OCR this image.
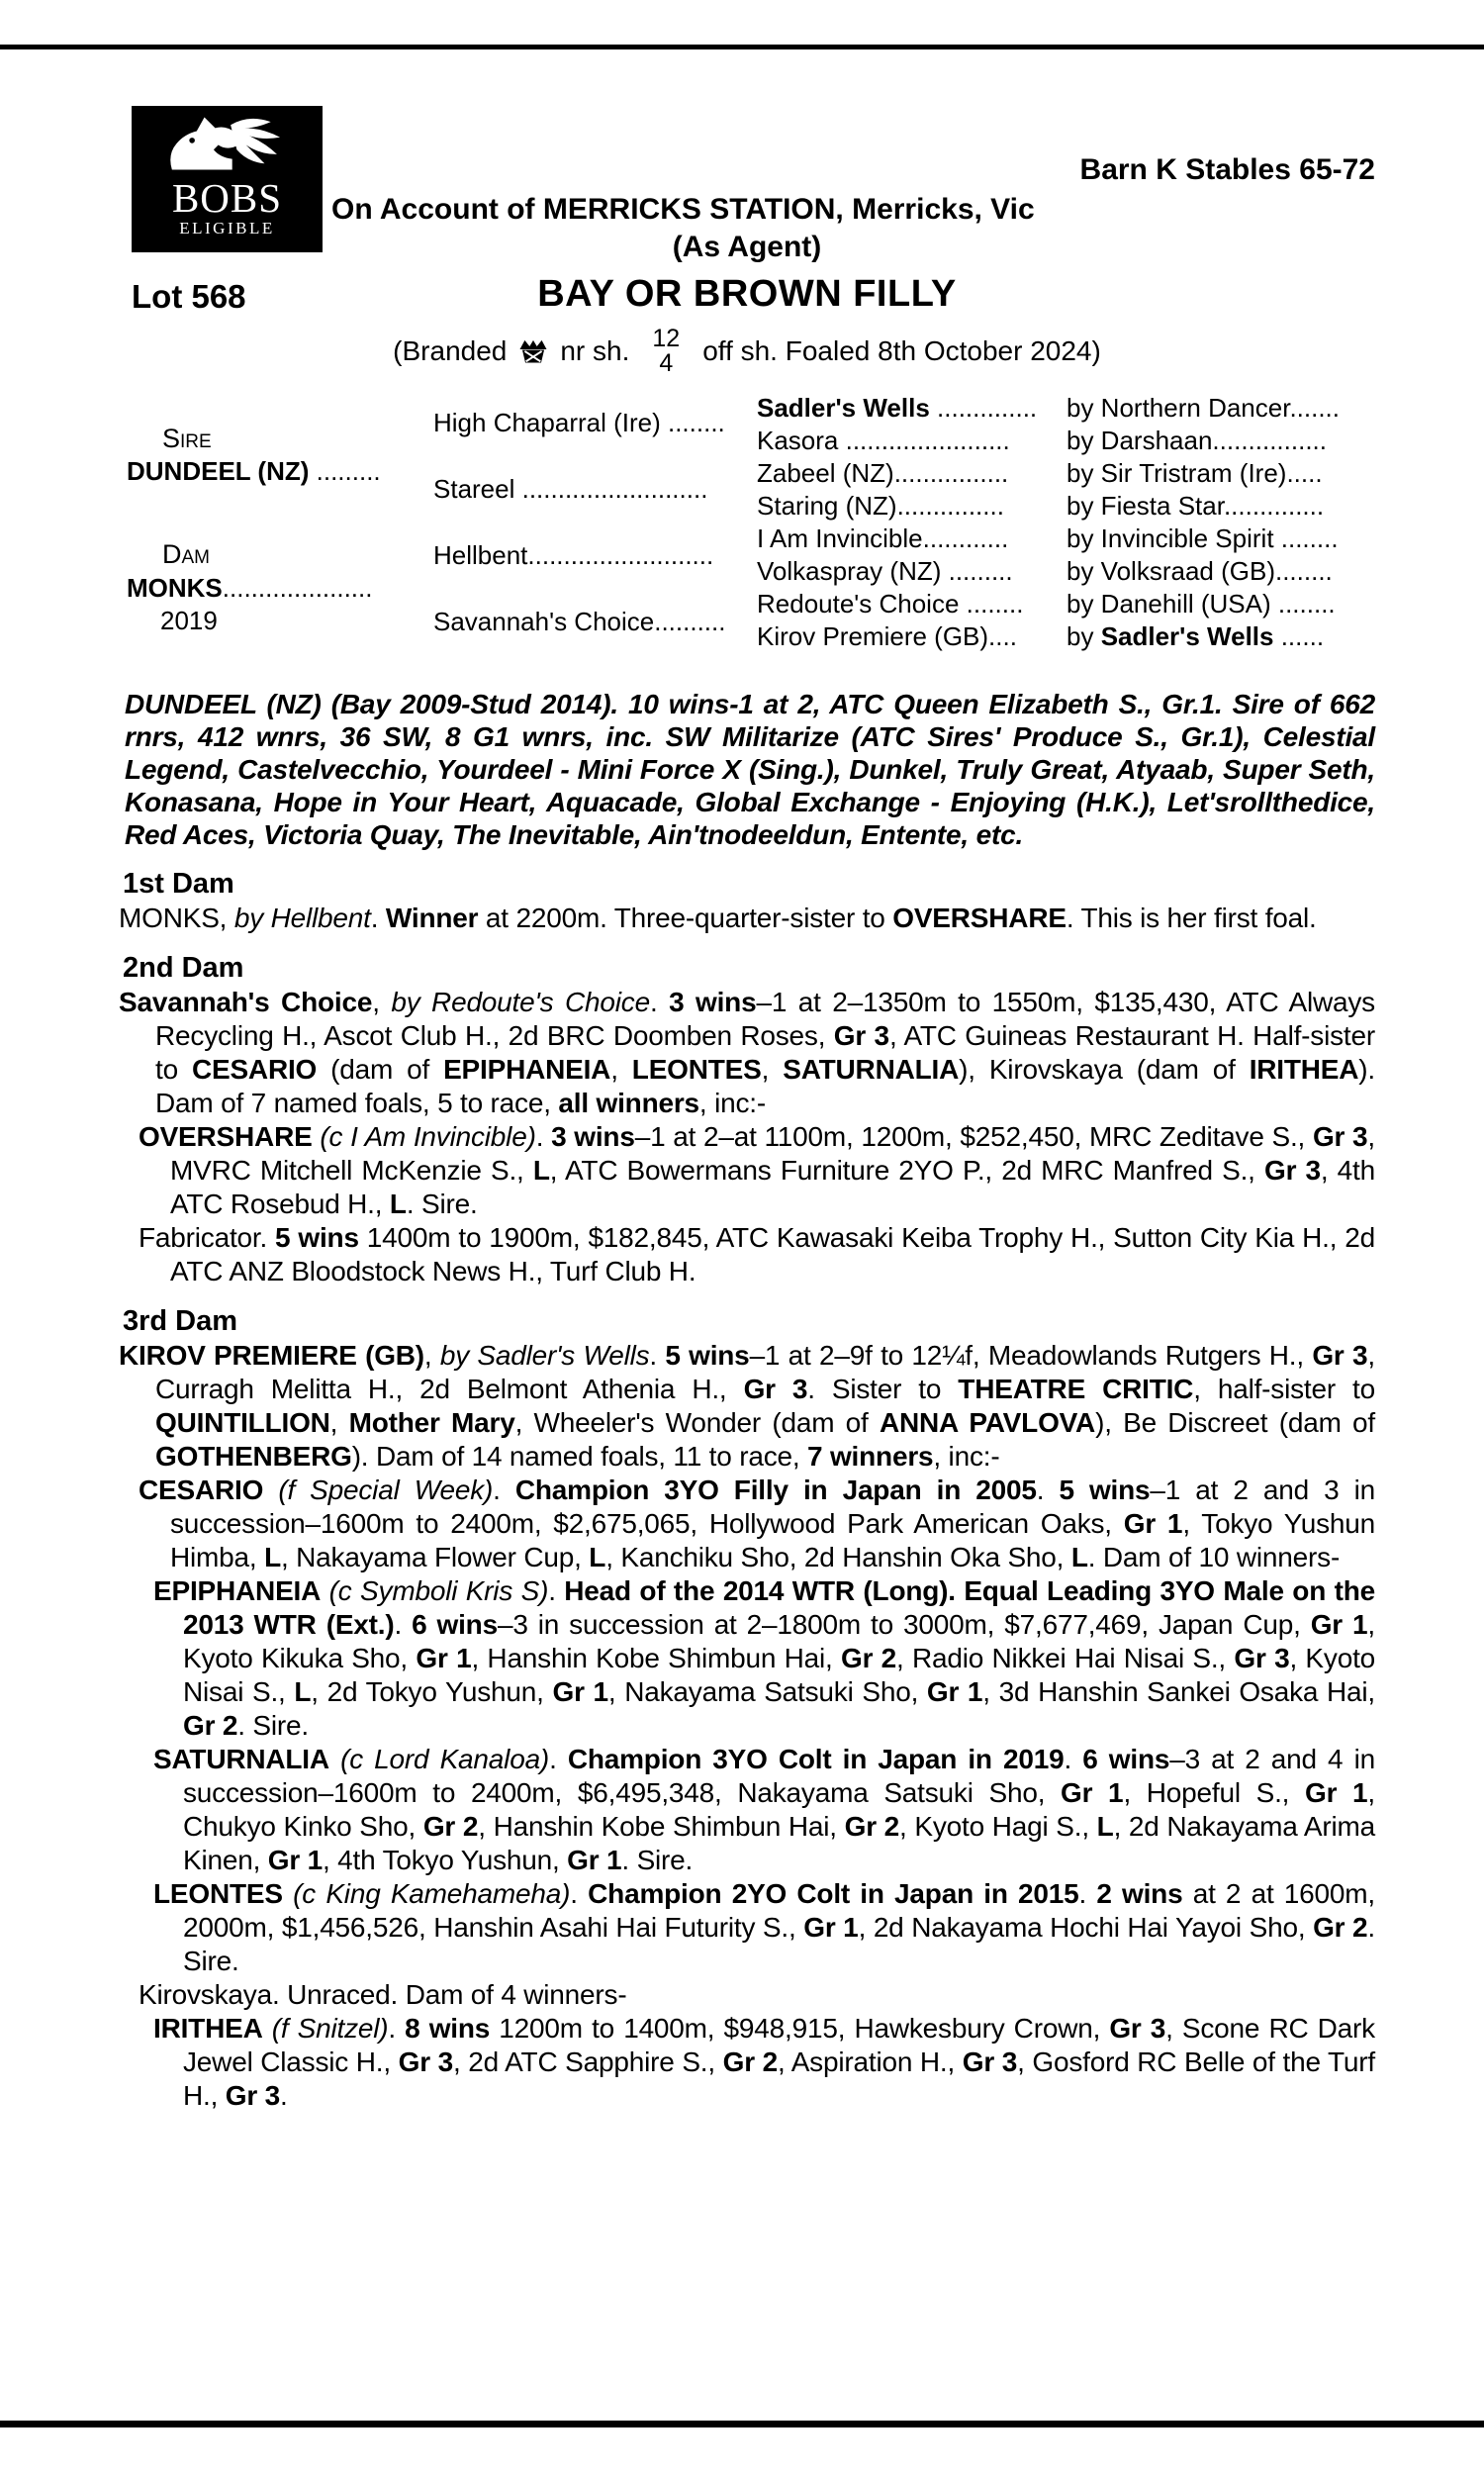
BOBS
ELIGIBLE
Barn K Stables 65-72
On Account of MERRICKS STATION, Merricks, Vic
(As Agent)
Lot 568	BAY OR BROWN FILLY
(Branded nr sh. 12
4 off sh. Foaled 8th October 2024)
Sire
DUNDEEL (NZ) .........
Dam
MONKS.....................
2019
High Chaparral (Ire) ........
Stareel ..........................
Hellbent..........................
Savannah's Choice..........
Sadler's Wells ..............
Kasora .......................
Zabeel (NZ)................
Staring (NZ)...............
I Am Invincible............
Volkaspray (NZ) .........
Redoute's Choice ........
Kirov Premiere (GB)....
by Northern Dancer.......
by Darshaan................
by Sir Tristram (Ire).....
by Fiesta Star..............
by Invincible Spirit ........
by Volksraad (GB)........
by Danehill (USA) ........
by Sadler's Wells ......
DUNDEEL (NZ) (Bay 2009-Stud 2014). 10 wins-1 at 2, ATC Queen Elizabeth S., Gr.1. Sire of 662 rnrs, 412 wnrs, 36 SW, 8 G1 wnrs, inc. SW Militarize (ATC Sires' Produce S., Gr.1), Celestial Legend, Castelvecchio, Yourdeel - Mini Force X (Sing.), Dunkel, Truly Great, Atyaab, Super Seth, Konasana, Hope in Your Heart, Aquacade, Global Exchange - Enjoying (H.K.), Let'srollthedice, Red Aces, Victoria Quay, The Inevitable, Ain'tnodeeldun, Entente, etc.
1st Dam

MONKS, by Hellbent. Winner at 2200m. Three-quarter-sister to OVERSHARE. This is her first foal.

2nd Dam

Savannah's Choice, by Redoute's Choice. 3 wins–1 at 2–1350m to 1550m, $135,430, ATC Always Recycling H., Ascot Club H., 2d BRC Doomben Roses, Gr 3, ATC Guineas Restaurant H. Half-sister to CESARIO (dam of EPIPHANEIA, LEONTES, SATURNALIA), Kirovskaya (dam of IRITHEA). Dam of 7 named foals, 5 to race, all winners, inc:-

OVERSHARE (c I Am Invincible). 3 wins–1 at 2–at 1100m, 1200m, $252,450, MRC Zeditave S., Gr 3, MVRC Mitchell McKenzie S., L, ATC Bowermans Furniture 2YO P., 2d MRC Manfred S., Gr 3, 4th ATC Rosebud H., L. Sire.

Fabricator. 5 wins 1400m to 1900m, $182,845, ATC Kawasaki Keiba Trophy H., Sutton City Kia H., 2d ATC ANZ Bloodstock News H., Turf Club H.

3rd Dam

KIROV PREMIERE (GB), by Sadler's Wells. 5 wins–1 at 2–9f to 12¼f, Meadowlands Rutgers H., Gr 3, Curragh Melitta H., 2d Belmont Athenia H., Gr 3. Sister to THEATRE CRITIC, half-sister to QUINTILLION, Mother Mary, Wheeler's Wonder (dam of ANNA PAVLOVA), Be Discreet (dam of GOTHENBERG). Dam of 14 named foals, 11 to race, 7 winners, inc:-

CESARIO (f Special Week). Champion 3YO Filly in Japan in 2005. 5 wins–1 at 2 and 3 in succession–1600m to 2400m, $2,675,065, Hollywood Park American Oaks, Gr 1, Tokyo Yushun Himba, L, Nakayama Flower Cup, L, Kanchiku Sho, 2d Hanshin Oka Sho, L. Dam of 10 winners-

EPIPHANEIA (c Symboli Kris S). Head of the 2014 WTR (Long). Equal Leading 3YO Male on the 2013 WTR (Ext.). 6 wins–3 in succession at 2–1800m to 3000m, $7,677,469, Japan Cup, Gr 1, Kyoto Kikuka Sho, Gr 1, Hanshin Kobe Shimbun Hai, Gr 2, Radio Nikkei Hai Nisai S., Gr 3, Kyoto Nisai S., L, 2d Tokyo Yushun, Gr 1, Nakayama Satsuki Sho, Gr 1, 3d Hanshin Sankei Osaka Hai, Gr 2. Sire.

SATURNALIA (c Lord Kanaloa). Champion 3YO Colt in Japan in 2019. 6 wins–3 at 2 and 4 in succession–1600m to 2400m, $6,495,348, Nakayama Satsuki Sho, Gr 1, Hopeful S., Gr 1, Chukyo Kinko Sho, Gr 2, Hanshin Kobe Shimbun Hai, Gr 2, Kyoto Hagi S., L, 2d Nakayama Arima Kinen, Gr 1, 4th Tokyo Yushun, Gr 1. Sire.

LEONTES (c King Kamehameha). Champion 2YO Colt in Japan in 2015. 2 wins at 2 at 1600m, 2000m, $1,456,526, Hanshin Asahi Hai Futurity S., Gr 1, 2d Nakayama Hochi Hai Yayoi Sho, Gr 2. Sire.

Kirovskaya. Unraced. Dam of 4 winners-

IRITHEA (f Snitzel). 8 wins 1200m to 1400m, $948,915, Hawkesbury Crown, Gr 3, Scone RC Dark Jewel Classic H., Gr 3, 2d ATC Sapphire S., Gr 2, Aspiration H., Gr 3, Gosford RC Belle of the Turf H., Gr 3.
